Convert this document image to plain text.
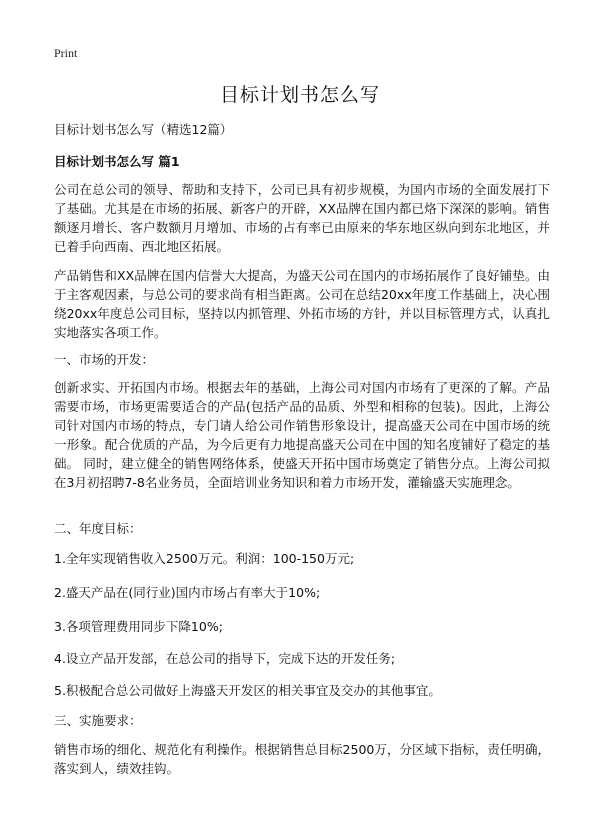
Print
目标计划书怎么写
目标计划书怎么写（精选12篇）
目标计划书怎么写 篇1

公司在总公司的领导、帮助和支持下，公司已具有初步规模，为国内市场的全面发展打下了基础。尤其是在市场的拓展、新客户的开辟，XX品牌在国内都已烙下深深的影响。销售额逐月增长、客户数额月月增加、市场的占有率已由原来的华东地区纵向到东北地区，并已着手向西南、西北地区拓展。

产品销售和XX品牌在国内信誉大大提高，为盛天公司在国内的市场拓展作了良好铺垫。由于主客观因素，与总公司的要求尚有相当距离。公司在总结20xx年度工作基础上，决心围绕20xx年度总公司目标，坚持以内抓管理、外拓市场的方针，并以目标管理方式，认真扎实地落实各项工作。

一、市场的开发：

创新求实、开拓国内市场。根据去年的基础，上海公司对国内市场有了更深的了解。产品需要市场，市场更需要适合的产品(包括产品的品质、外型和相称的包装)。因此，上海公司针对国内市场的特点，专门请人给公司作销售形象设计，提高盛天公司在中国市场的统一形象。配合优质的产品，为今后更有力地提高盛天公司在中国的知名度铺好了稳定的基础。 同时，建立健全的销售网络体系，使盛天开拓中国市场奠定了销售分点。上海公司拟在3月初招聘7-8名业务员，全面培训业务知识和着力市场开发，灌输盛天实施理念。

二、年度目标：
1.全年实现销售收入2500万元。利润：100-150万元;
2.盛天产品在(同行业)国内市场占有率大于10%;
3.各项管理费用同步下降10%;
4.设立产品开发部，在总公司的指导下，完成下达的开发任务;
5.积极配合总公司做好上海盛天开发区的相关事宜及交办的其他事宜。
三、实施要求：

销售市场的细化、规范化有利操作。根据销售总目标2500万，分区域下指标，责任明确，落实到人，绩效挂钩。
